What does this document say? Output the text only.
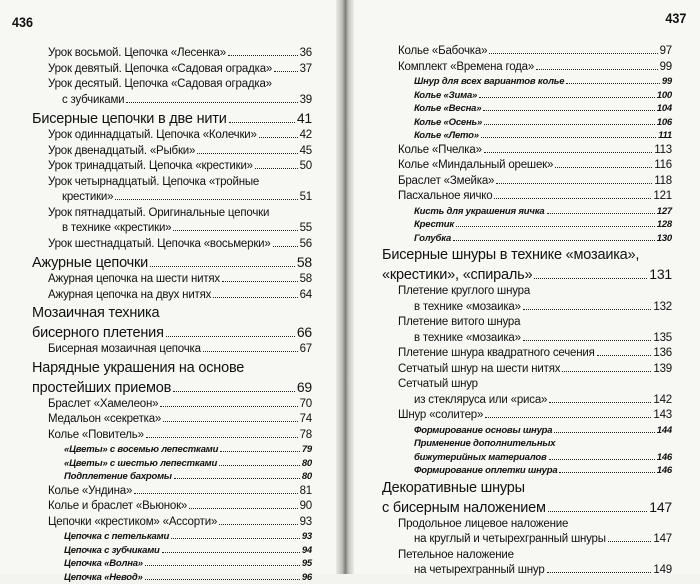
436
Урок восьмой. Цепочка «Лесенка»	36
Урок девятый. Цепочка «Садовая оградка» 37
Урок десятый. Цепочка «Садовая оградка»
с зубчиками	39
Бисерные цепочки в две нити	41
Урок одиннадцатый. Цепочка «Колечки»	42
Урок двенадцатый. «Рыбки»	45
Урок тринадцатый. Цепочка «крестики»	50
Урок четырнадцатый. Цепочка «тройные
крестики»	51
Урок пятнадцатый. Оригинальные цепочки
в технике «крестики»	55
Урок шестнадцатый. Цепочка «восьмерки»	56
Ажурные цепочки	58
Ажурная цепочка на шести нитях	58
Ажурная цепочка на двух нитях	64
Мозаичная техника
бисерного плетения	66
Бисерная мозаичная цепочка	67
Нарядные украшения на основе
простейших приемов	69
Браслет «Хамелеон»	70
Медальон «секретка»	74
Колье «Повитель»	78
«Цветы» с восемью лепестками	79
«Цветы» с шестью лепестками	80
Подплетение бахромы	80
Колье «Ундина»	81
Колье и браслет «Вьюнок»	90
Цепочки «крестиком» «Ассорти»	93
Цепочка с петельками	93
Цепочка с зубчиками	94
Цепочка «Волна»	95
Цепочка «Невод»	96
437
Колье «Бабочка»	97
Комплект «Времена года»	99
Шнур для всех вариантов колье	99
Колье «Зима»	100
Колье «Весна»	104
Колье «Осень»	106
Колье «Лето»	111
Колье «Пчелка»	113
Колье «Миндальный орешек»	116
Браслет «Змейка»	118
Пасхальное яичко	121
Кисть для украшения яичка	127
Крестик	128
Голубка	130
Бисерные шнуры в технике «мозаика»,
«крестики», «спираль»	131
Плетение круглого шнура
в технике «мозаика»	132
Плетение витого шнура
в технике «мозаика»	135
Плетение шнура квадратного сечения	136
Сетчатый шнур на шести нитях	139
Сетчатый шнур
из стекляруса или «риса»	142
Шнур «солитер»	143
Формирование основы шнура	144
Применение дополнительных
бижутерийных материалов	146
Формирование оплетки шнура	146
Декоративные шнуры
с бисерным наложением	147
Продольное лицевое наложение
на круглый и четырехгранный шнуры	147
Петельное наложение
на четырехгранный шнур	149
